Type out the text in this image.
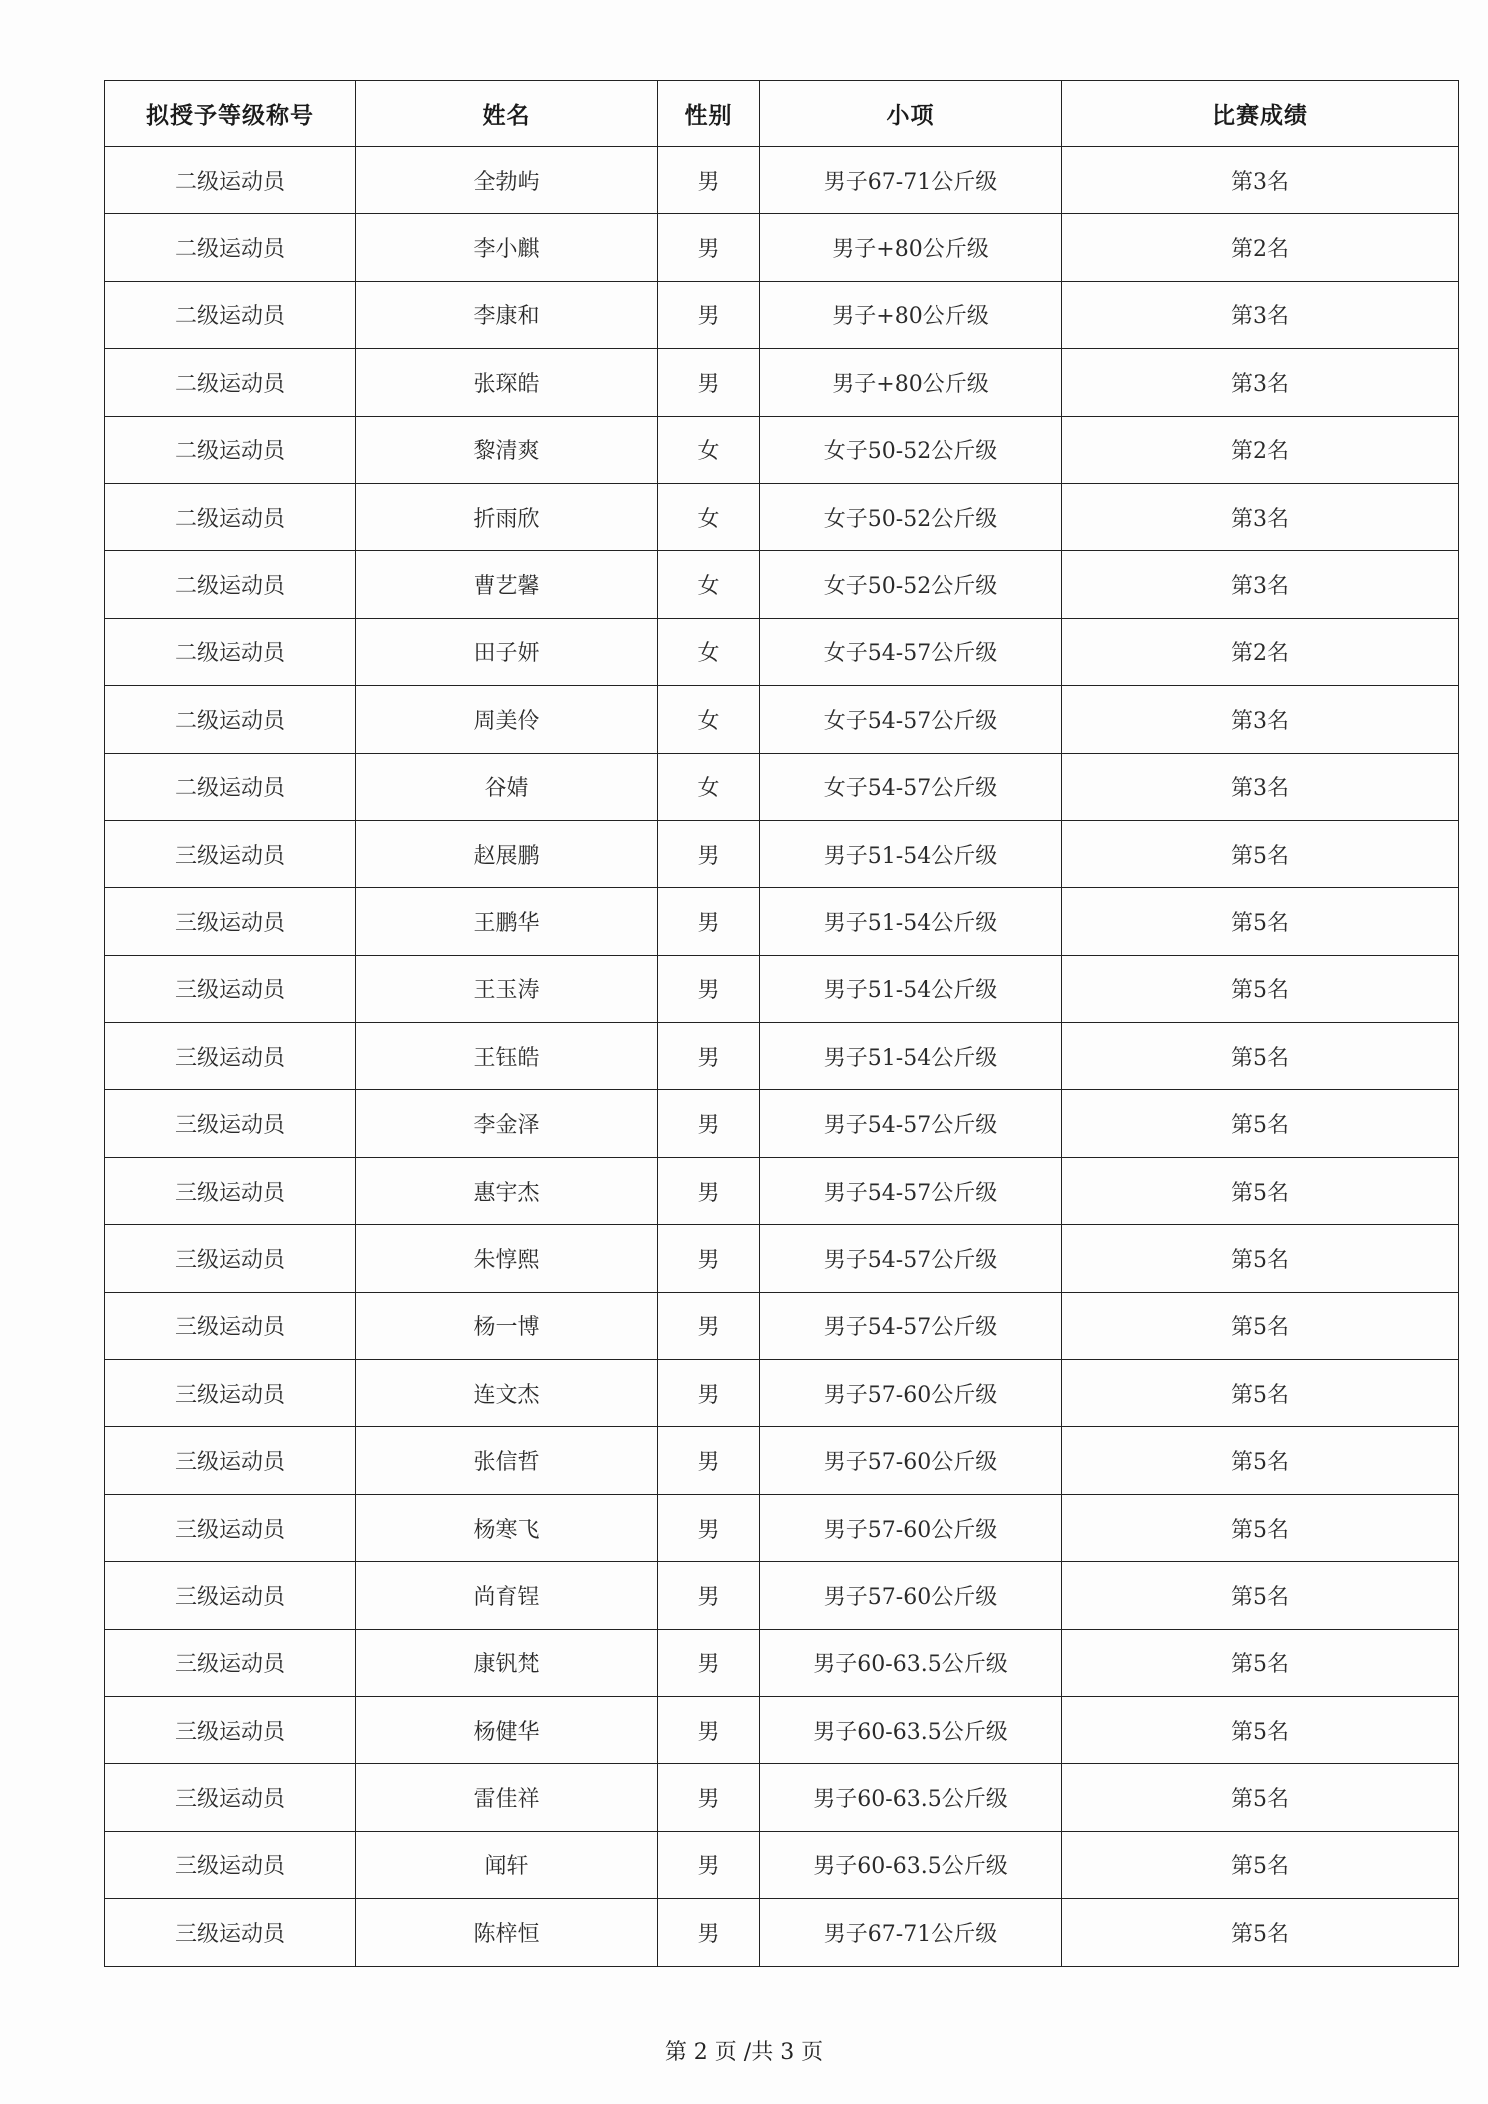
拟授予等级称号	姓名	性别	小项	比赛成绩
二级运动员	全勃屿	男	男子67-71公斤级	第3名
二级运动员	李小麒	男	男子+80公斤级	第2名
二级运动员	李康和	男	男子+80公斤级	第3名
二级运动员	张琛皓	男	男子+80公斤级	第3名
二级运动员	黎清爽	女	女子50-52公斤级	第2名
二级运动员	折雨欣	女	女子50-52公斤级	第3名
二级运动员	曹艺馨	女	女子50-52公斤级	第3名
二级运动员	田子妍	女	女子54-57公斤级	第2名
二级运动员	周美伶	女	女子54-57公斤级	第3名
二级运动员	谷婧	女	女子54-57公斤级	第3名
三级运动员	赵展鹏	男	男子51-54公斤级	第5名
三级运动员	王鹏华	男	男子51-54公斤级	第5名
三级运动员	王玉涛	男	男子51-54公斤级	第5名
三级运动员	王钰皓	男	男子51-54公斤级	第5名
三级运动员	李金泽	男	男子54-57公斤级	第5名
三级运动员	惠宇杰	男	男子54-57公斤级	第5名
三级运动员	朱惇熙	男	男子54-57公斤级	第5名
三级运动员	杨一博	男	男子54-57公斤级	第5名
三级运动员	连文杰	男	男子57-60公斤级	第5名
三级运动员	张信哲	男	男子57-60公斤级	第5名
三级运动员	杨寒飞	男	男子57-60公斤级	第5名
三级运动员	尚育锃	男	男子57-60公斤级	第5名
三级运动员	康钒梵	男	男子60-63.5公斤级	第5名
三级运动员	杨健华	男	男子60-63.5公斤级	第5名
三级运动员	雷佳祥	男	男子60-63.5公斤级	第5名
三级运动员	闻轩	男	男子60-63.5公斤级	第5名
三级运动员	陈梓恒	男	男子67-71公斤级	第5名
第 2 页 /共 3 页
